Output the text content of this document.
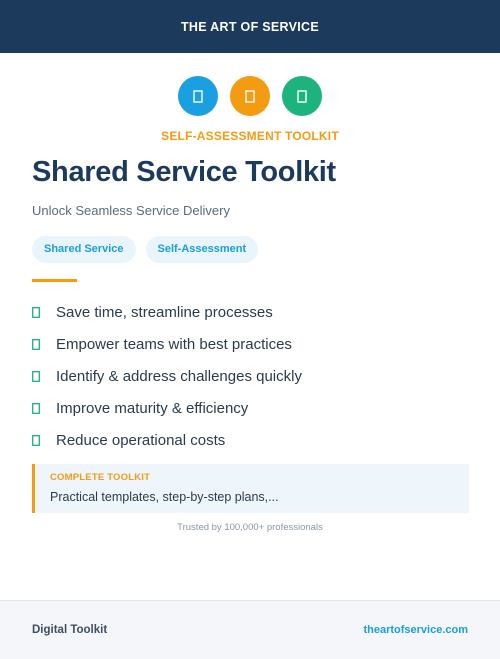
THE ART OF SERVICE
SELF-ASSESSMENT TOOLKIT
Shared Service Toolkit
Unlock Seamless Service Delivery
Shared Service	Self-Assessment
Save time, streamline processes
Empower teams with best practices
Identify & address challenges quickly
Improve maturity & efficiency
Reduce operational costs
COMPLETE TOOLKIT
Practical templates, step-by-step plans,...
Trusted by 100,000+ professionals
Digital Toolkit	theartofservice.com
